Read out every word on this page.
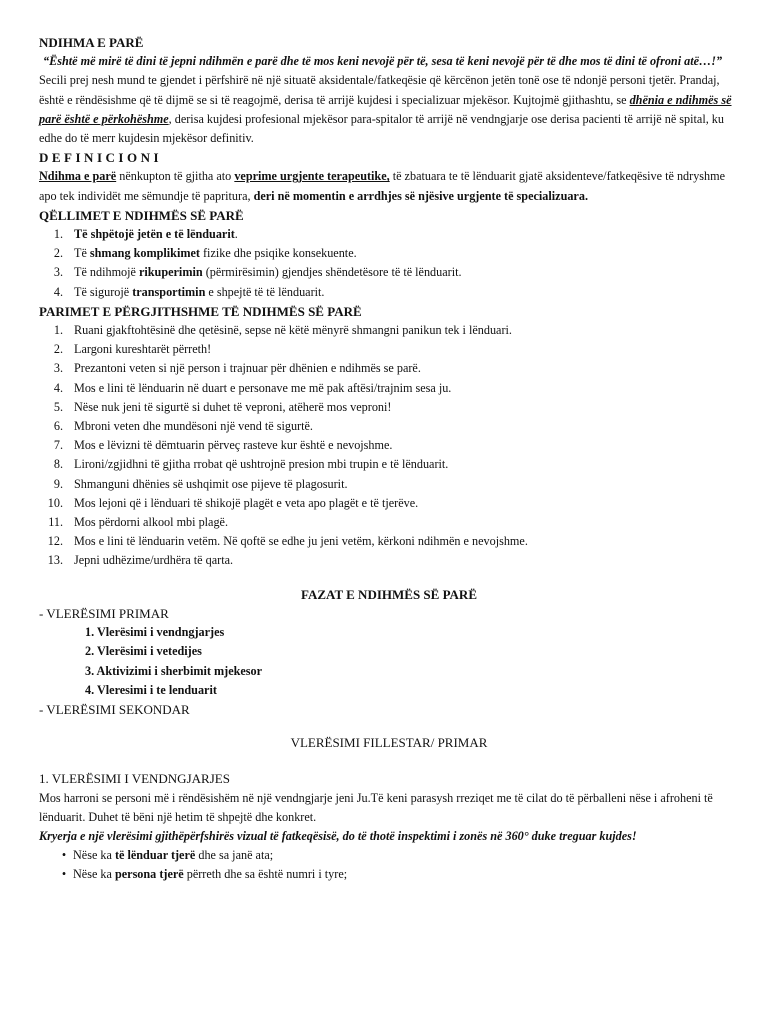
NDIHMA E PARË
“Është më mirë të dini të jepni ndihmën e parë dhe të mos keni nevojë për të, sesa të keni nevojë për të dhe mos të dini të ofroni atë…!”
Secili prej nesh mund te gjendet i përfshirë në një situatë aksidentale/fatkeqësie që kërcënon jetën tonë ose të ndonjë personi tjetër. Prandaj, është e rëndësishme që të dijmë se si të reagojmë, derisa të arrijë kujdesi i specializuar mjekësor. Kujtojmë gjithashtu, se dhënia e ndihmës së parë është e përkohëshme, derisa kujdesi profesional mjekësor para-spitalor të arrijë në vendngjarje ose derisa pacienti të arrijë në spital, ku edhe do të merr kujdesin mjekësor definitiv.
DEFINICIONI
Ndihma e parë nënkupton të gjitha ato veprime urgjente terapeutike, të zbatuara te të lënduarit gjatë aksidenteve/fatkeqësive të ndryshme apo tek individët me sëmundje të papritura, deri në momentin e arrdhjes së njësive urgjente të specializuara.
QËLLIMET E NDIHMËS SË PARË
1. Të shpëtojë jetën e të lënduarit.
2. Të shmang komplikimet fizike dhe psiqike konsekuente.
3. Të ndihmojë rikuperimin (përmirësimin) gjendjes shëndetësore të të lënduarit.
4. Të sigurojë transportimin e shpejtë të të lënduarit.
PARIMET E PËRGJITHSHME TË NDIHMËS SË PARË
1. Ruani gjakftohtësinë dhe qetësinë, sepse në këtë mënyrë shmangni panikun tek i lënduari.
2. Largoni kureshtarët përreth!
3. Prezantoni veten si një person i trajnuar për dhënien e ndihmës se parë.
4. Mos e lini të lënduarin në duart e personave me më pak aftësi/trajnim sesa ju.
5. Nëse nuk jeni të sigurtë si duhet të veproni, atëherë mos veproni!
6. Mbroni veten dhe mundësoni një vend të sigurtë.
7. Mos e lëvizni të dëmtuarin përveç rasteve kur është e nevojshme.
8. Lironi/zgjidhni të gjitha rrobat që ushtrojnë presion mbi trupin e të lënduarit.
9. Shmanguni dhënies së ushqimit ose pijeve të plagosurit.
10. Mos lejoni që i lënduari të shikojë plagët e veta apo plagët e të tjerëve.
11. Mos përdorni alkool mbi plagë.
12. Mos e lini të lënduarin vetëm. Në qoftë se edhe ju jeni vetëm, kërkoni ndihmën e nevojshme.
13. Jepni udhëzime/urdhëra të qarta.
FAZAT E NDIHMËS SË PARË
- VLERËSIMI PRIMAR
1. Vlerësimi i vendngjarjes
2. Vlerësimi i vetedijes
3. Aktivizimi i sherbimit mjekesor
4. Vleresimi i te lenduarit
- VLERËSIMI SEKONDAR
VLERËSIMI FILLESTAR/ PRIMAR
1. VLERËSIMI I VENDNGJARJES
Mos harroni se personi më i rëndësishëm në një vendngjarje jeni Ju.Të keni parasysh rreziqet me të cilat do të përballeni nëse i afroheni të lënduarit. Duhet të bëni një hetim të shpejtë dhe konkret.
Kryerja e një vlerësimi gjithëpërfshirës vizual të fatkeqësisë, do të thotë inspektimi i zonës në 360° duke treguar kujdes!
• Nëse ka të lënduar tjerë dhe sa janë ata;
• Nëse ka persona tjerë përreth dhe sa është numri i tyre;
